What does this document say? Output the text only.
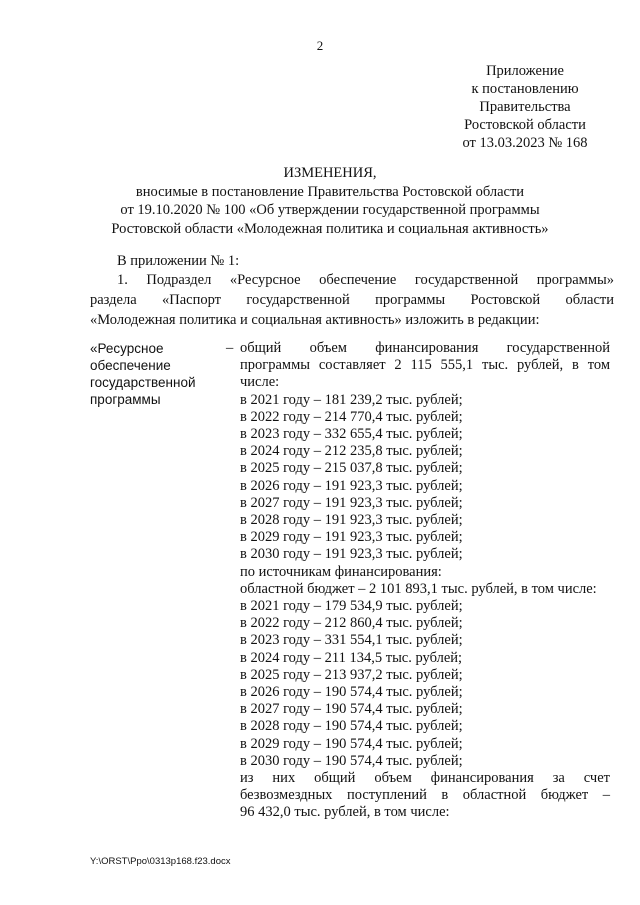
2
Приложение
к постановлению
Правительства
Ростовской области
от 13.03.2023 № 168
ИЗМЕНЕНИЯ,
вносимые в постановление Правительства Ростовской области
от 19.10.2020 № 100 «Об утверждении государственной программы
Ростовской области «Молодежная политика и социальная активность»
В приложении № 1:
1. Подраздел «Ресурсное обеспечение государственной программы»
раздела «Паспорт государственной программы Ростовской области
«Молодежная политика и социальная активность» изложить в редакции:
«Ресурсное
обеспечение
государственной
программы
– общий объем финансирования государственной
программы составляет 2 115 555,1 тыс. рублей, в том
числе:
в 2021 году – 181 239,2 тыс. рублей;
в 2022 году – 214 770,4 тыс. рублей;
в 2023 году – 332 655,4 тыс. рублей;
в 2024 году – 212 235,8 тыс. рублей;
в 2025 году – 215 037,8 тыс. рублей;
в 2026 году – 191 923,3 тыс. рублей;
в 2027 году – 191 923,3 тыс. рублей;
в 2028 году – 191 923,3 тыс. рублей;
в 2029 году – 191 923,3 тыс. рублей;
в 2030 году – 191 923,3 тыс. рублей;
по источникам финансирования:
областной бюджет – 2 101 893,1 тыс. рублей, в том числе:
в 2021 году – 179 534,9 тыс. рублей;
в 2022 году – 212 860,4 тыс. рублей;
в 2023 году – 331 554,1 тыс. рублей;
в 2024 году – 211 134,5 тыс. рублей;
в 2025 году – 213 937,2 тыс. рублей;
в 2026 году – 190 574,4 тыс. рублей;
в 2027 году – 190 574,4 тыс. рублей;
в 2028 году – 190 574,4 тыс. рублей;
в 2029 году – 190 574,4 тыс. рублей;
в 2030 году – 190 574,4 тыс. рублей;
из них общий объем финансирования за счет
безвозмездных поступлений в областной бюджет –
96 432,0 тыс. рублей, в том числе:
Y:\ORST\Ppo\0313p168.f23.docx
